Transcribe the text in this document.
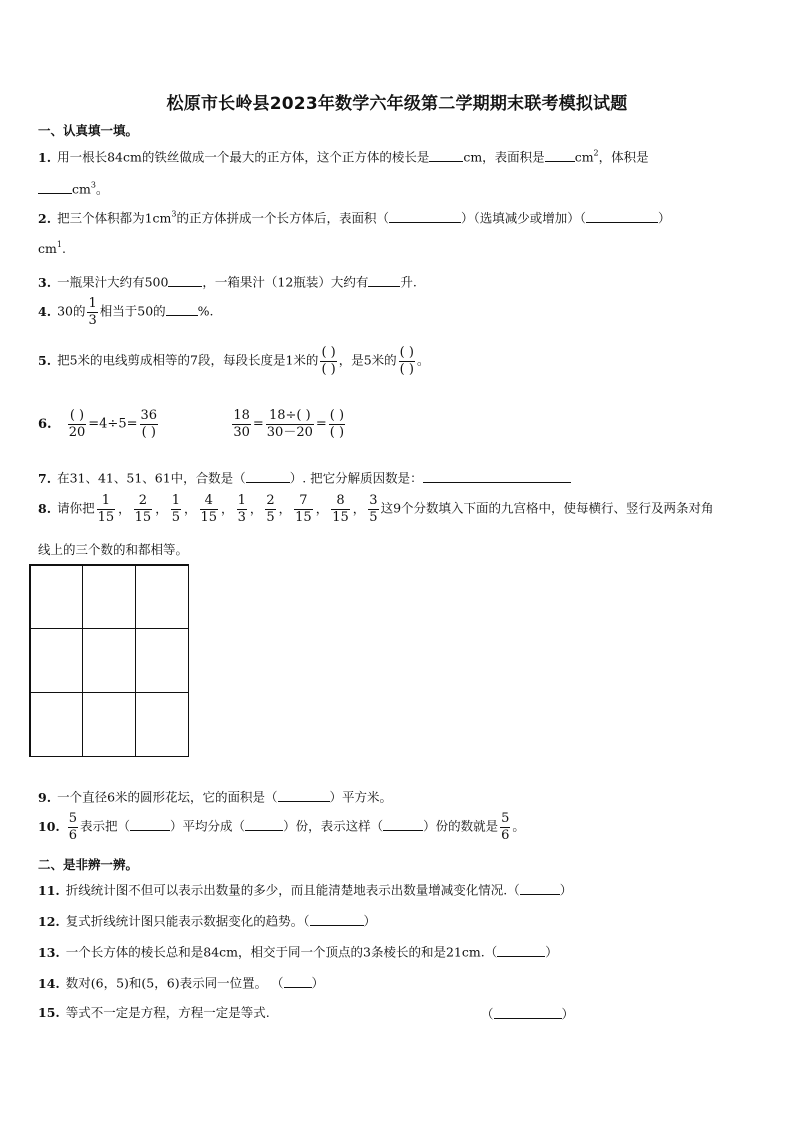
松原市长岭县2023年数学六年级第二学期期末联考模拟试题
一、认真填一填。
1. 用一根长84cm的铁丝做成一个最大的正方体，这个正方体的棱长是	cm，表面积是 $cm^2$，体积是
$cm^3$。
2. 把三个体积都为$1cm^3$的正方体拼成一个长方体后，表面积（	）（选填减少或增加）（	）
$cm^1$.
3. 一瓶果汁大约有500	，一箱果汁（12瓶装）大约有	升.
4. 30的 $\frac{1}{3}$ 相当于50的	%.
5. 把5米的电线剪成相等的7段，每段长度是1米的 $\frac{( )}{( )}$ ，是5米的 $\frac{( )}{( )}$ 。
6. $\frac{( )}{20} =4\div 5= \frac{36}{( )}$
	$\frac{18}{30} = \frac{18\div( )}{30-20} = \frac{( )}{( )}$
7. 在31、41、51、61中，合数是（	）. 把它分解质因数是：
8. 请你把 $\frac{1}{15}$ ， $\frac{2}{15}$ ， $\frac{1}{5}$ ， $\frac{4}{15}$ ， $\frac{1}{3}$ ， $\frac{2}{5}$ ， $\frac{7}{15}$ ， $\frac{8}{15}$ ， $\frac{3}{5}$ 这9个分数填入下面的九宫格中，使每横行、竖行及两条对角
线上的三个数的和都相等。
9. 一个直径6米的圆形花坛，它的面积是（	）平方米。
10. $\frac{5}{6}$ 表示把（	）平均分成（	）份，表示这样（	）份的数就是 $\frac{5}{6}$ 。
二、是非辨一辨。
11. 折线统计图不但可以表示出数量的多少，而且能清楚地表示出数量增减变化情况.（	）
12. 复式折线统计图只能表示数据变化的趋势。（	）
13. 一个长方体的棱长总和是84cm，相交于同一个顶点的3条棱长的和是21cm.（	）
14. 数对(6，5)和(5，6)表示同一位置。 （ ）
15. 等式不一定是方程，方程一定是等式.	（	）
